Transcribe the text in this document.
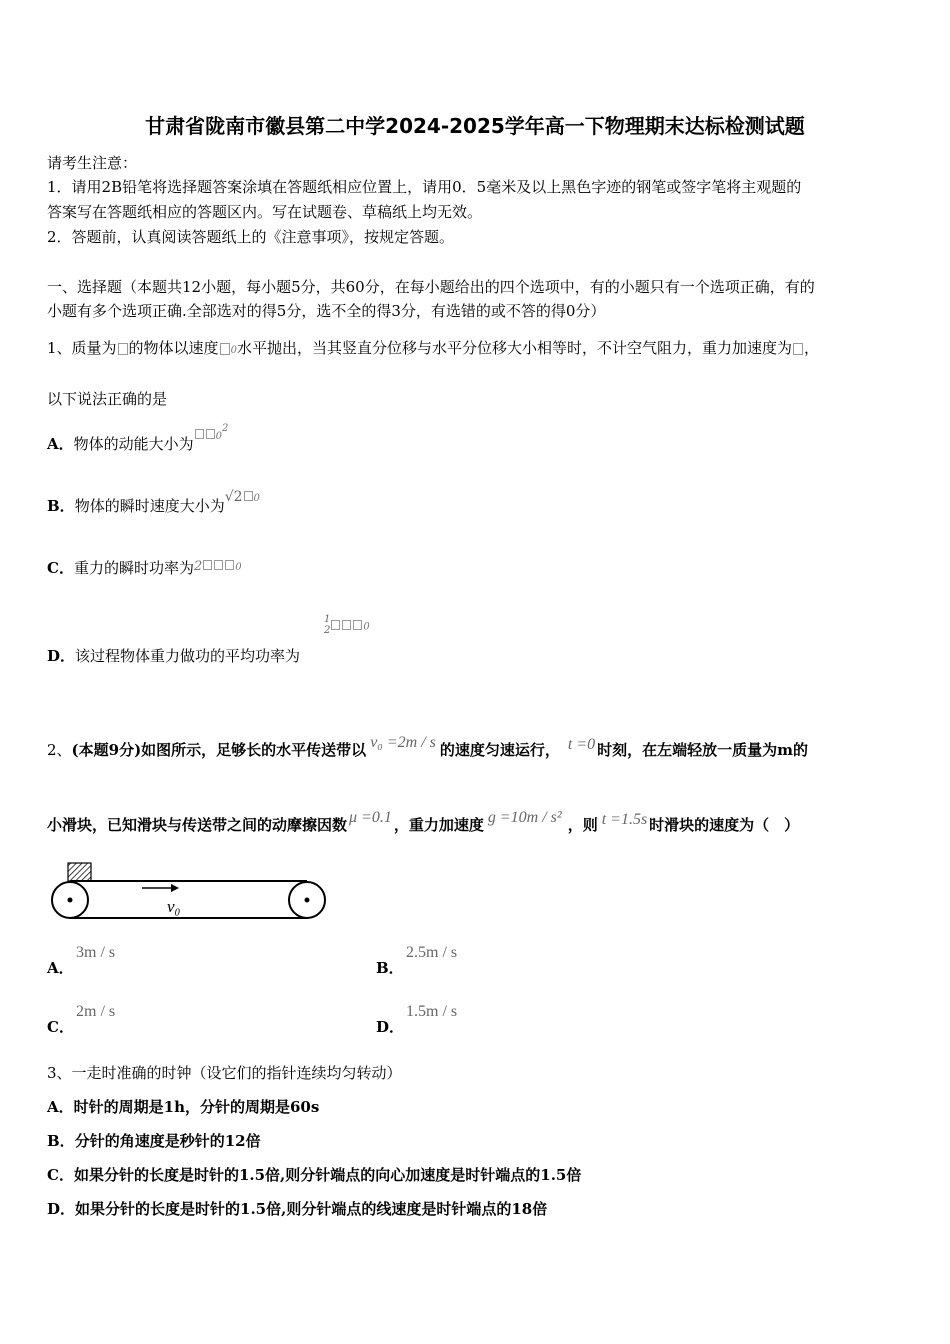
甘肃省陇南市徽县第二中学2024-2025学年高一下物理期末达标检测试题
请考生注意：
1．请用2B铅笔将选择题答案涂填在答题纸相应位置上，请用0．5毫米及以上黑色字迹的钢笔或签字笔将主观题的
答案写在答题纸相应的答题区内。写在试题卷、草稿纸上均无效。
2．答题前，认真阅读答题纸上的《注意事项》，按规定答题。
一、选择题（本题共12小题，每小题5分，共60分，在每小题给出的四个选项中，有的小题只有一个选项正确，有的
小题有多个选项正确.全部选对的得5分，选不全的得3分，有选错的或不答的得0分）
1、质量为 的物体以速度 0水平抛出，当其竖直分位移与水平分位移大小相等时，不计空气阻力，重力加速度为 ，
以下说法正确的是
A．物体的动能大小为 $0^2$
B．物体的瞬时速度大小为√2 0
C．重力的瞬时功率为2	0
D．该过程物体重力做功的平均功率为
1
2	0
2、(本题9分)如图所示，足够长的水平传送带以 v₀ =2m / s 的速度匀速运行， t =0 时刻，在左端轻放一质量为m的
小滑块，已知滑块与传送带之间的动摩擦因数 μ =0.1 ，重力加速度 g =10m / s² ，则 t =1.5s 时滑块的速度为（　）
v₀
A．
3m / s
B．
2.5m / s
C．
2m / s
D．
1.5m / s
3、一走时准确的时钟（设它们的指针连续均匀转动）
A．时针的周期是1h，分针的周期是60s
B．分针的角速度是秒针的12倍
C．如果分针的长度是时针的1.5倍,则分针端点的向心加速度是时针端点的1.5倍
D．如果分针的长度是时针的1.5倍,则分针端点的线速度是时针端点的18倍
